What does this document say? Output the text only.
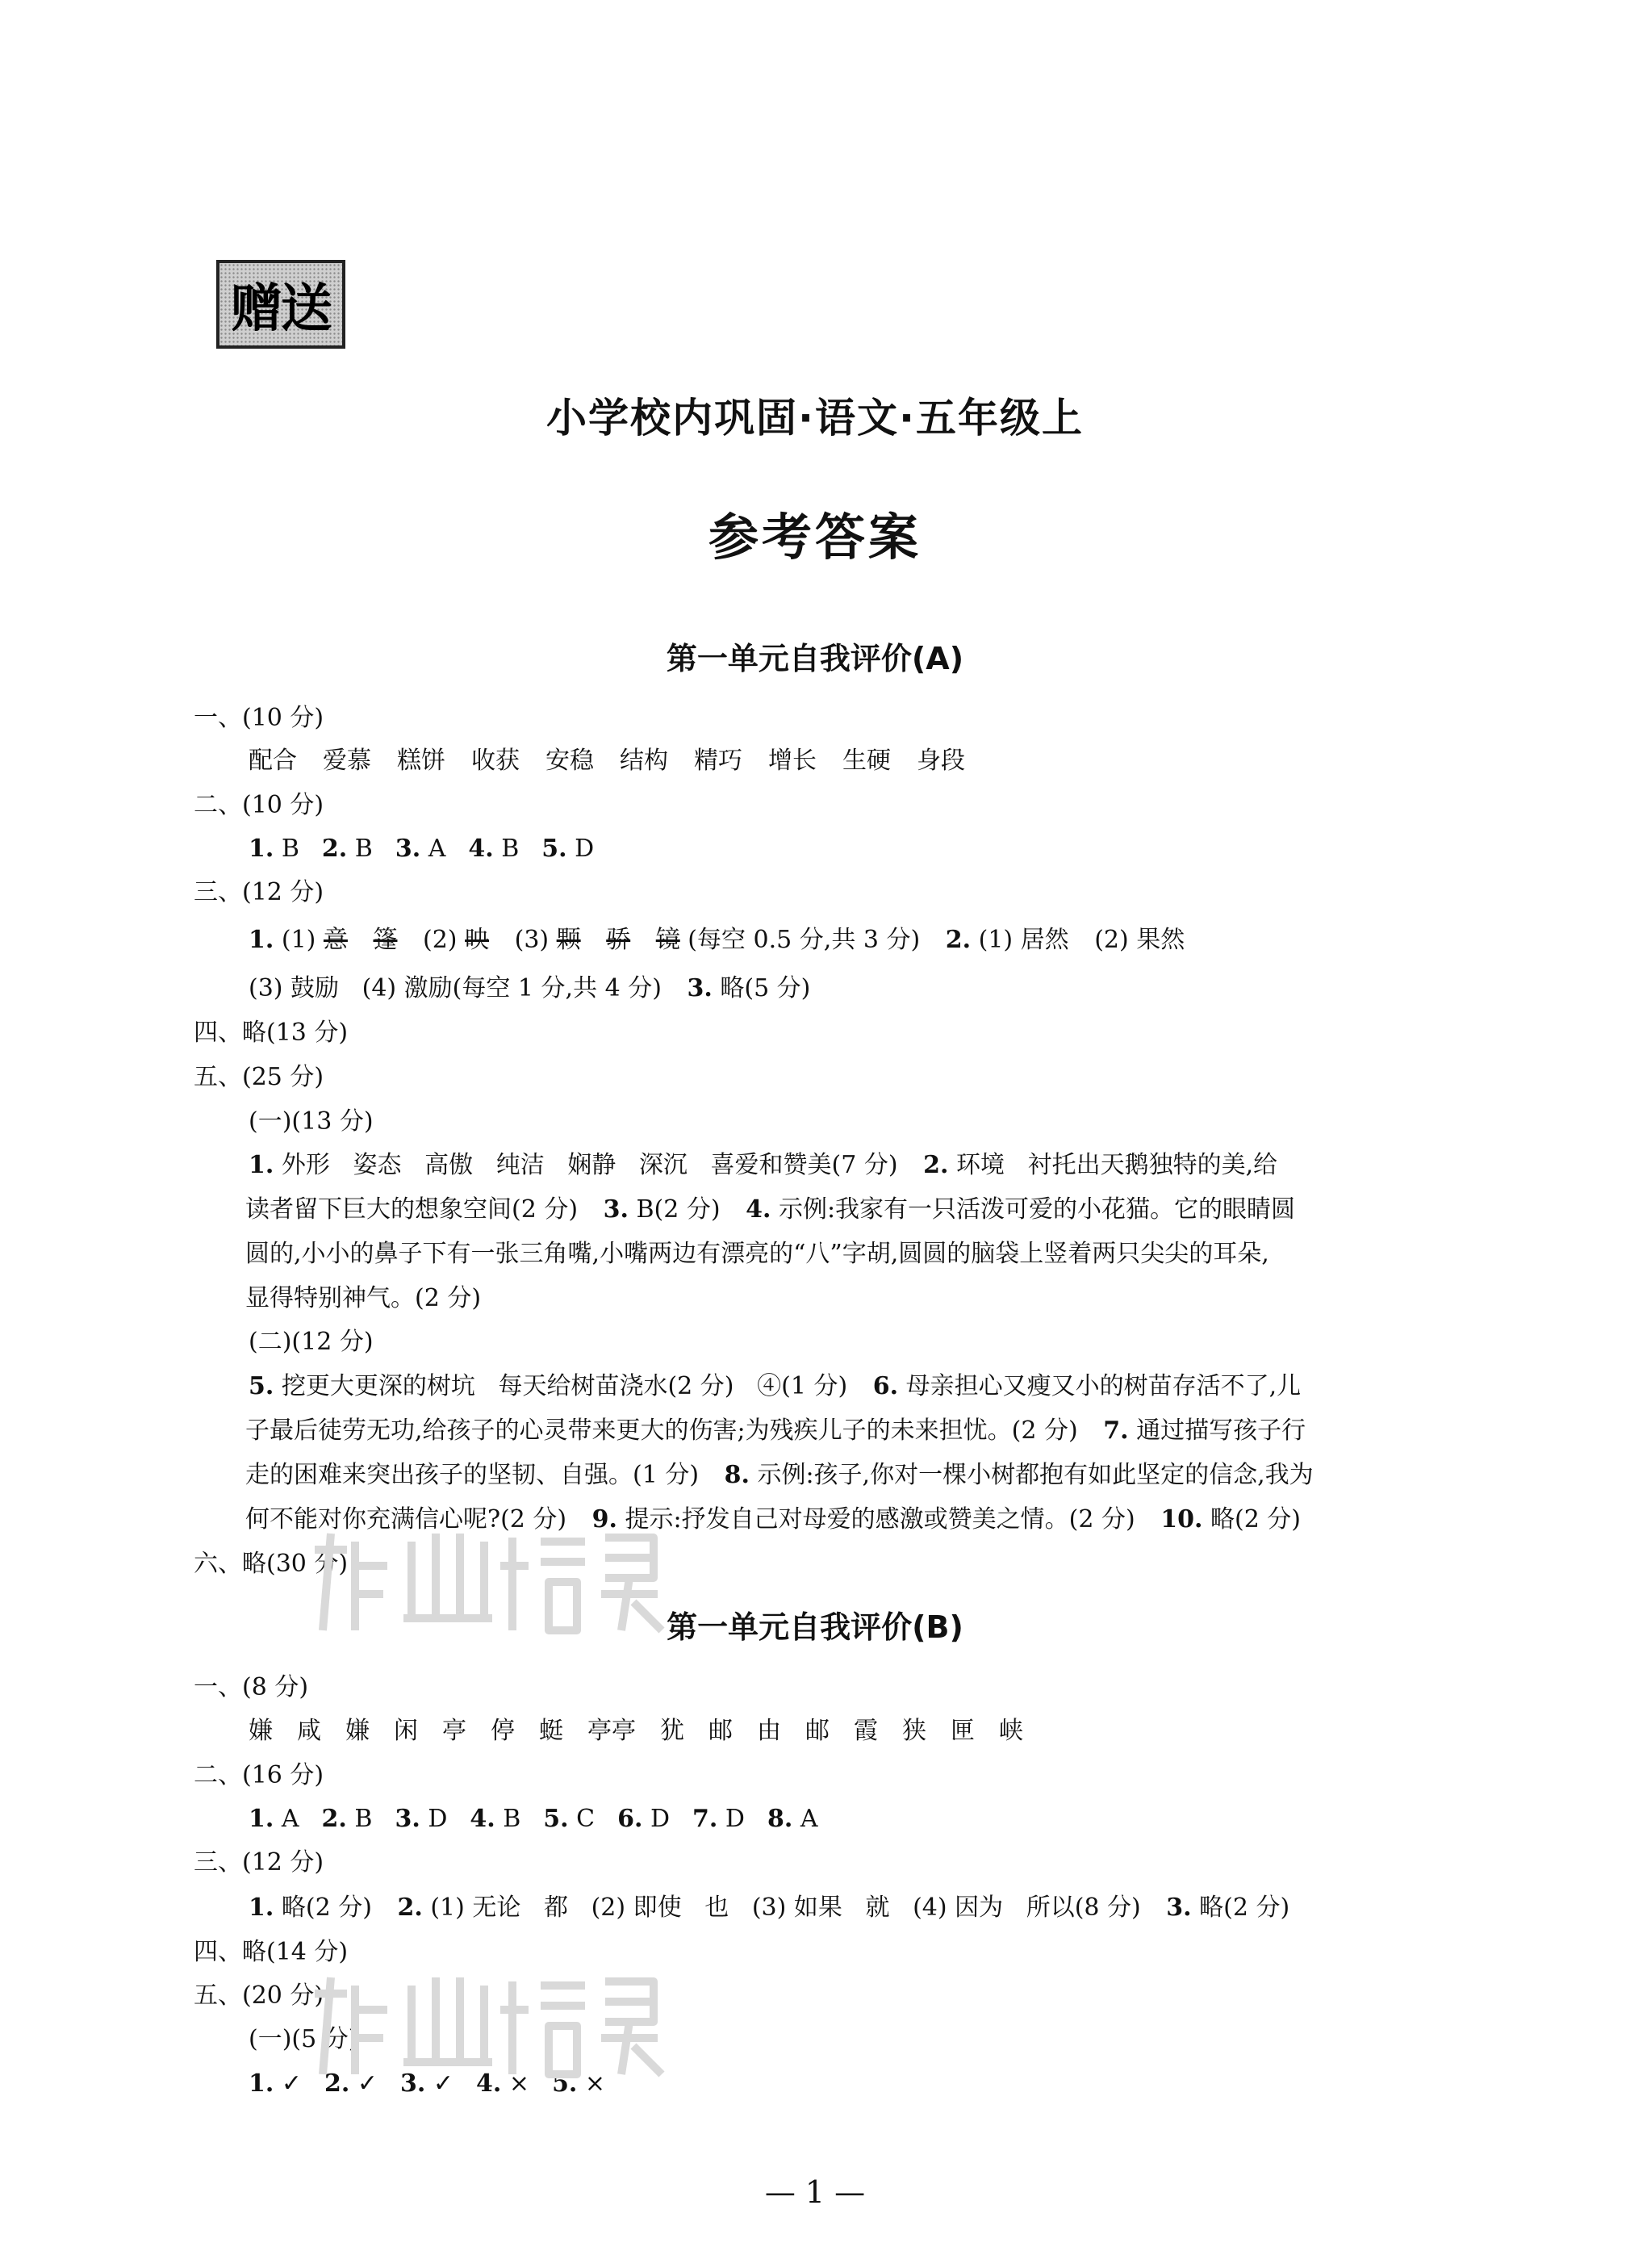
赠送
小学校内巩固·语文·五年级上
参考答案
第一单元自我评价(A)
一、(10 分)
配合 爱慕 糕饼 收获 安稳 结构 精巧 增长 生硬 身段
二、(10 分)
1. B 2. B 3. A 4. B 5. D
三、(12 分)
1. (1) 意 篷 (2) 映 (3) 颗 骄 镜 (每空 0.5 分,共 3 分) 2. (1) 居然 (2) 果然
(3) 鼓励   (4) 激励(每空 1 分,共 4 分) 3. 略(5 分)
四、略(13 分)
五、(25 分)
(一)(13 分)
1. 外形   姿态   高傲   纯洁   娴静   深沉   喜爱和赞美(7 分) 2. 环境   衬托出天鹅独特的美,给
读者留下巨大的想象空间(2 分) 3. B(2 分) 4. 示例:我家有一只活泼可爱的小花猫。它的眼睛圆
圆的,小小的鼻子下有一张三角嘴,小嘴两边有漂亮的“八”字胡,圆圆的脑袋上竖着两只尖尖的耳朵,
显得特别神气。(2 分)
(二)(12 分)
5. 挖更大更深的树坑   每天给树苗浇水(2 分)   ④(1 分) 6. 母亲担心又瘦又小的树苗存活不了,儿
子最后徒劳无功,给孩子的心灵带来更大的伤害;为残疾儿子的未来担忧。(2 分) 7. 通过描写孩子行
走的困难来突出孩子的坚韧、自强。(1 分) 8. 示例:孩子,你对一棵小树都抱有如此坚定的信念,我为
何不能对你充满信心呢?(2 分) 9. 提示:抒发自己对母爱的感激或赞美之情。(2 分) 10. 略(2 分)
六、略(30 分)
第一单元自我评价(B)
一、(8 分)
嫌 咸 嫌 闲 亭 停 蜓 亭亭 犹 邮 由 邮 霞 狭 匣 峡
二、(16 分)
1. A 2. B 3. D 4. B 5. C 6. D 7. D 8. A
三、(12 分)
1. 略(2 分) 2. (1) 无论   都   (2) 即使   也   (3) 如果   就   (4) 因为   所以(8 分) 3. 略(2 分)
四、略(14 分)
五、(20 分)
(一)(5 分)
1. ✓ 2. ✓ 3. ✓ 4. × 5. ×
— 1 —
